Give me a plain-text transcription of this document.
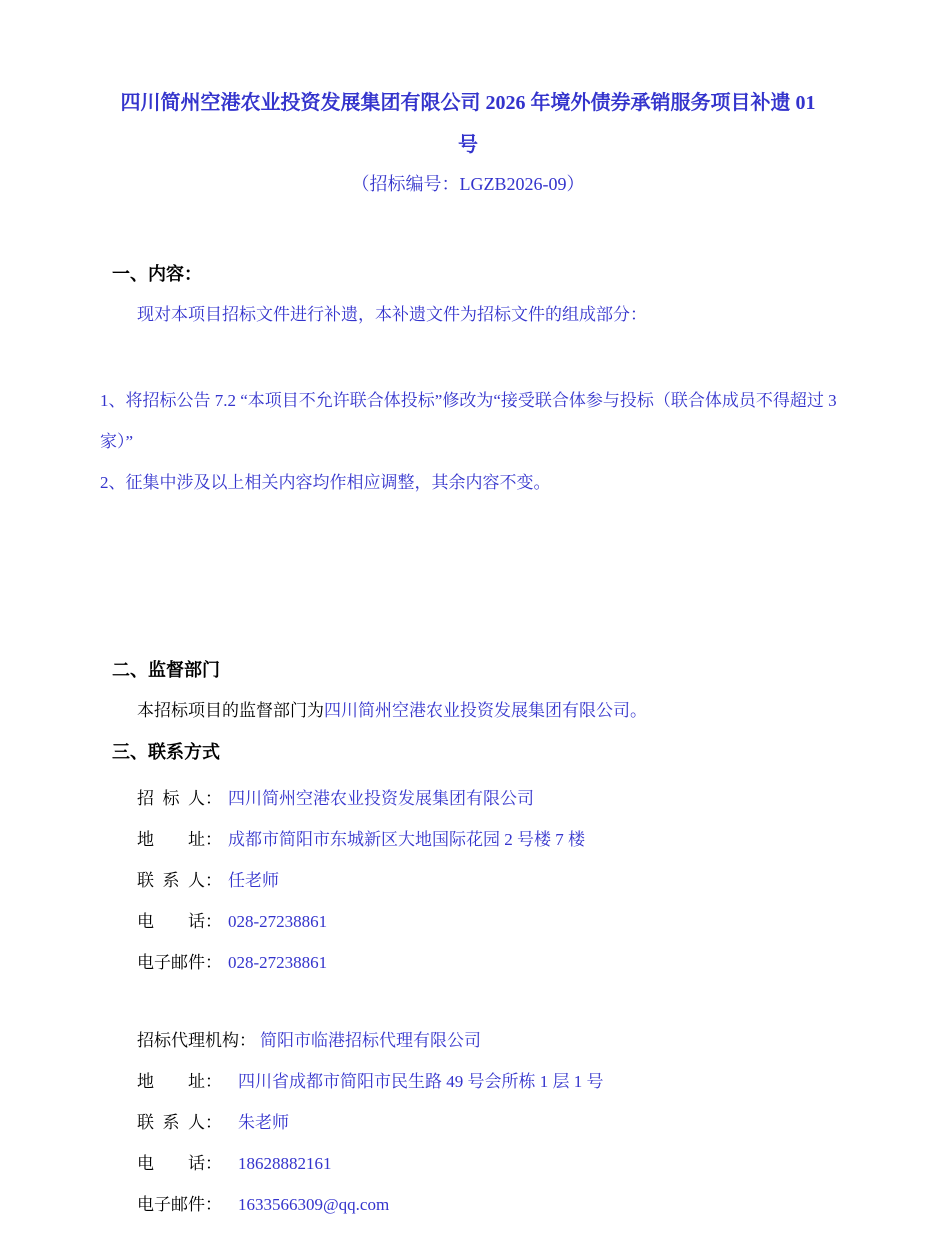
四川简州空港农业投资发展集团有限公司 2026 年境外债券承销服务项目补遗 01
号
（招标编号：LGZB2026-09）
一、内容：
现对本项目招标文件进行补遗，本补遗文件为招标文件的组成部分：

1、将招标公告 7.2 “本项目不允许联合体投标”修改为“接受联合体参与投标（联合体成员不得超过 3 家）”

2、征集中涉及以上相关内容均作相应调整，其余内容不变。

二、监督部门
本招标项目的监督部门为四川简州空港农业投资发展集团有限公司。
三、联系方式
招标人： 四川简州空港农业投资发展集团有限公司
地址： 成都市简阳市东城新区大地国际花园 2 号楼 7 楼
联系人： 任老师
电话： 028-27238861
电子邮件： 028-27238861
招标代理机构： 简阳市临港招标代理有限公司
地址： 四川省成都市简阳市民生路 49 号会所栋 1 层 1 号
联系人： 朱老师
电话： 18628882161
电子邮件： 1633566309@qq.com
